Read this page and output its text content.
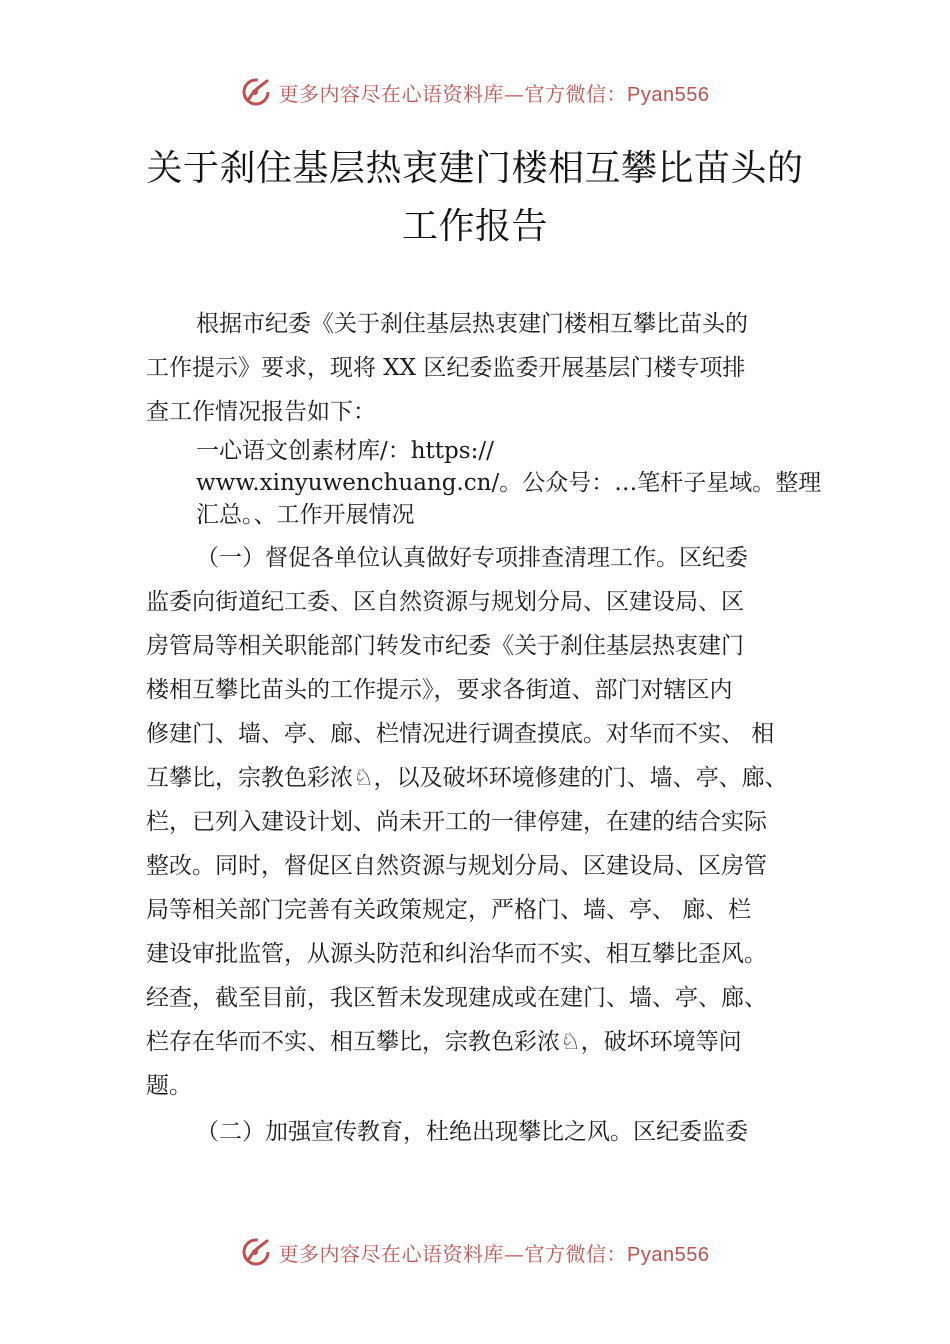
更多内容尽在心语资料库—官方微信：Pyan556
关于刹住基层热衷建门楼相互攀比苗头的
工作报告
根据市纪委《关于刹住基层热衷建门楼相互攀比苗头的
工作提示》要求，现将 XX 区纪委监委开展基层门楼专项排
查工作情况报告如下：
一心语文创素材库/：https://
www.xinyuwenchuang.cn/。公众号：…笔杆子星域。整理
汇总。、工作开展情况
（一）督促各单位认真做好专项排查清理工作。区纪委
监委向街道纪工委、区自然资源与规划分局、区建设局、区
房管局等相关职能部门转发市纪委《关于刹住基层热衷建门
楼相互攀比苗头的工作提示》，要求各街道、部门对辖区内
修建门、墙、亭、廊、栏情况进行调查摸底。对华而不实、 相
互攀比，宗教色彩浓♘，以及破坏环境修建的门、墙、亭、廊、
栏，已列入建设计划、尚未开工的一律停建，在建的结合实际
整改。同时，督促区自然资源与规划分局、区建设局、区房管
局等相关部门完善有关政策规定，严格门、墙、亭、 廊、栏
建设审批监管，从源头防范和纠治华而不实、相互攀比歪风。
经查，截至目前，我区暂未发现建成或在建门、墙、亭、廊、
栏存在华而不实、相互攀比，宗教色彩浓♘，破坏环境等问
题。
（二）加强宣传教育，杜绝出现攀比之风。区纪委监委
更多内容尽在心语资料库—官方微信：Pyan556
